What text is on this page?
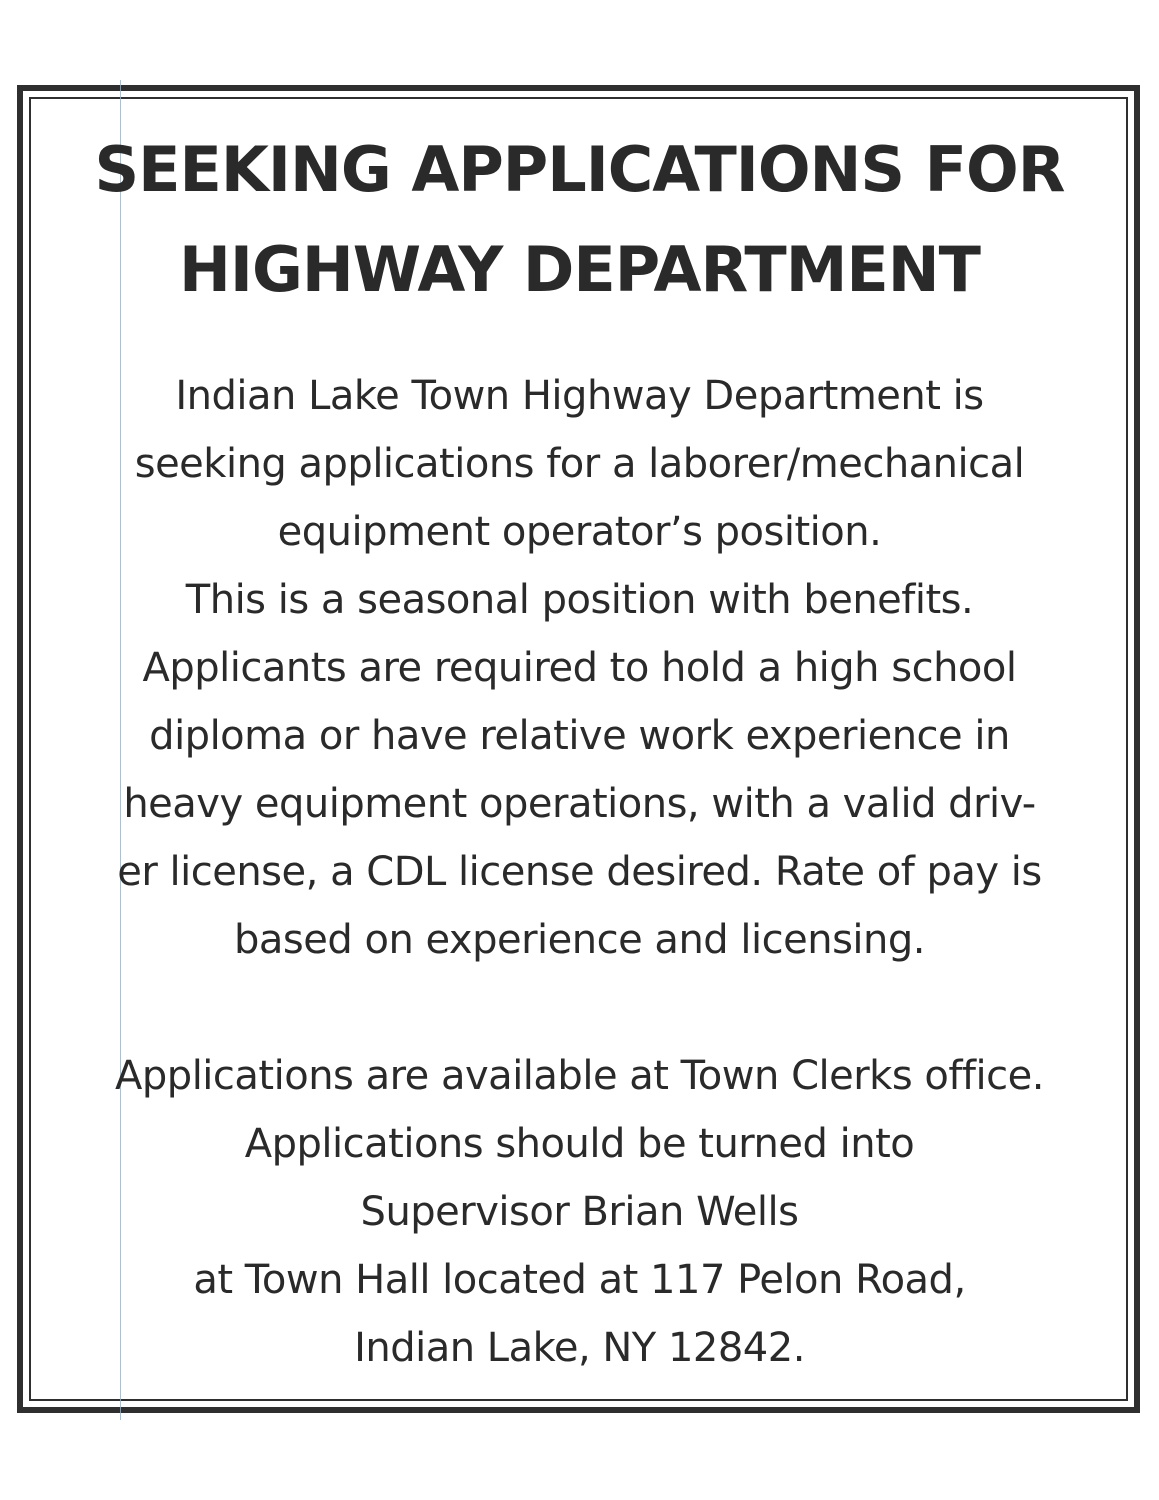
SEEKING APPLICATIONS FOR
HIGHWAY DEPARTMENT
Indian Lake Town Highway Department is
seeking applications for a laborer/mechanical
equipment operator’s position.
This is a seasonal position with benefits.
Applicants are required to hold a high school
diploma or have relative work experience in
heavy equipment operations, with a valid driv-
er license, a CDL license desired. Rate of pay is
based on experience and licensing.
Applications are available at Town Clerks office.
Applications should be turned into
Supervisor Brian Wells
at Town Hall located at 117 Pelon Road,
Indian Lake, NY 12842.
